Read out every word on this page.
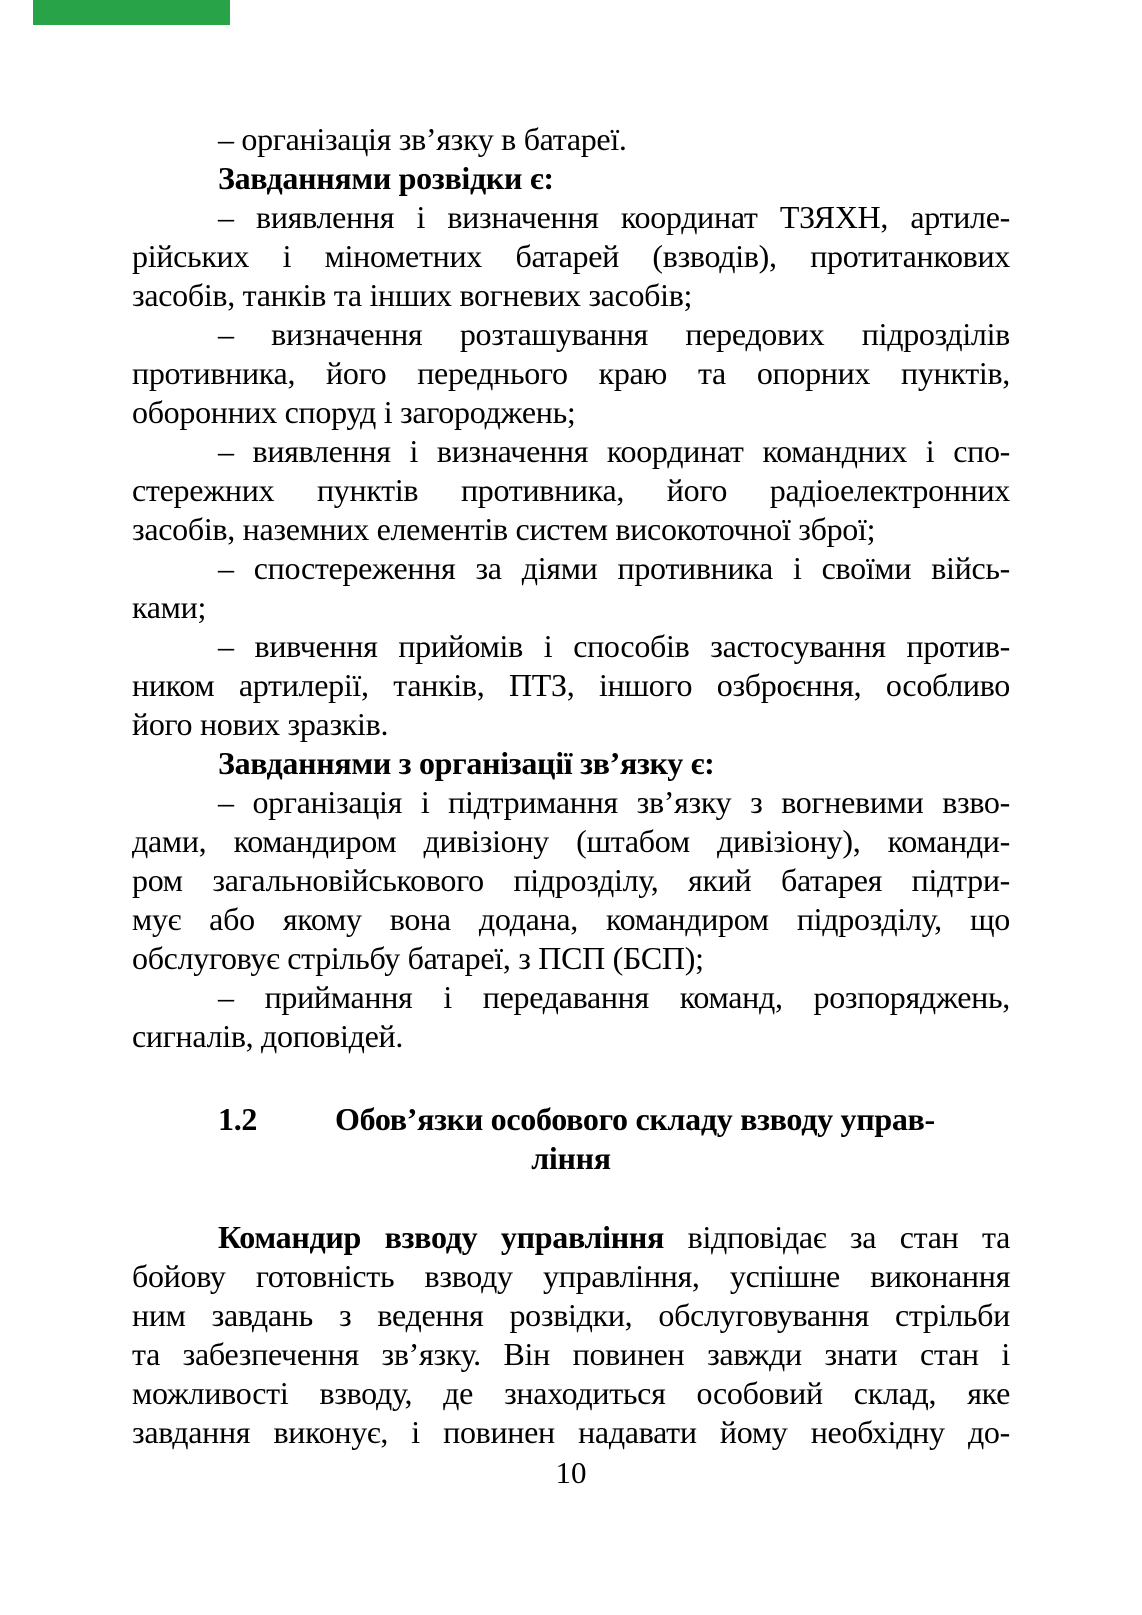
– організація зв’язку в батареї.
Завданнями розвідки є:
– виявлення і визначення координат ТЗЯХН, артиле-
рійських і мінометних батарей (взводів), протитанкових
засобів, танків та інших вогневих засобів;
– визначення розташування передових підрозділів
противника, його переднього краю та опорних пунктів,
оборонних споруд і загороджень;
– виявлення і визначення координат командних і спо-
стережних пунктів противника, його радіоелектронних
засобів, наземних елементів систем високоточної зброї;
– спостереження за діями противника і своїми війсь-
ками;
– вивчення прийомів і способів застосування против-
ником артилерії, танків, ПТЗ, іншого озброєння, особливо
його нових зразків.
Завданнями з організації зв’язку є:
– організація і підтримання зв’язку з вогневими взво-
дами, командиром дивізіону (штабом дивізіону), команди-
ром загальновійськового підрозділу, який батарея підтри-
мує або якому вона додана, командиром підрозділу, що
обслуговує стрільбу батареї, з ПСП (БСП);
– приймання і передавання команд, розпоряджень,
сигналів, доповідей.
1.2 Обов’язки особового складу взводу управ-
ління
Командир взводу управління відповідає за стан та
бойову готовність взводу управління, успішне виконання
ним завдань з ведення розвідки, обслуговування стрільби
та забезпечення зв’язку. Він повинен завжди знати стан і
можливості взводу, де знаходиться особовий склад, яке
завдання виконує, і повинен надавати йому необхідну до-
10
